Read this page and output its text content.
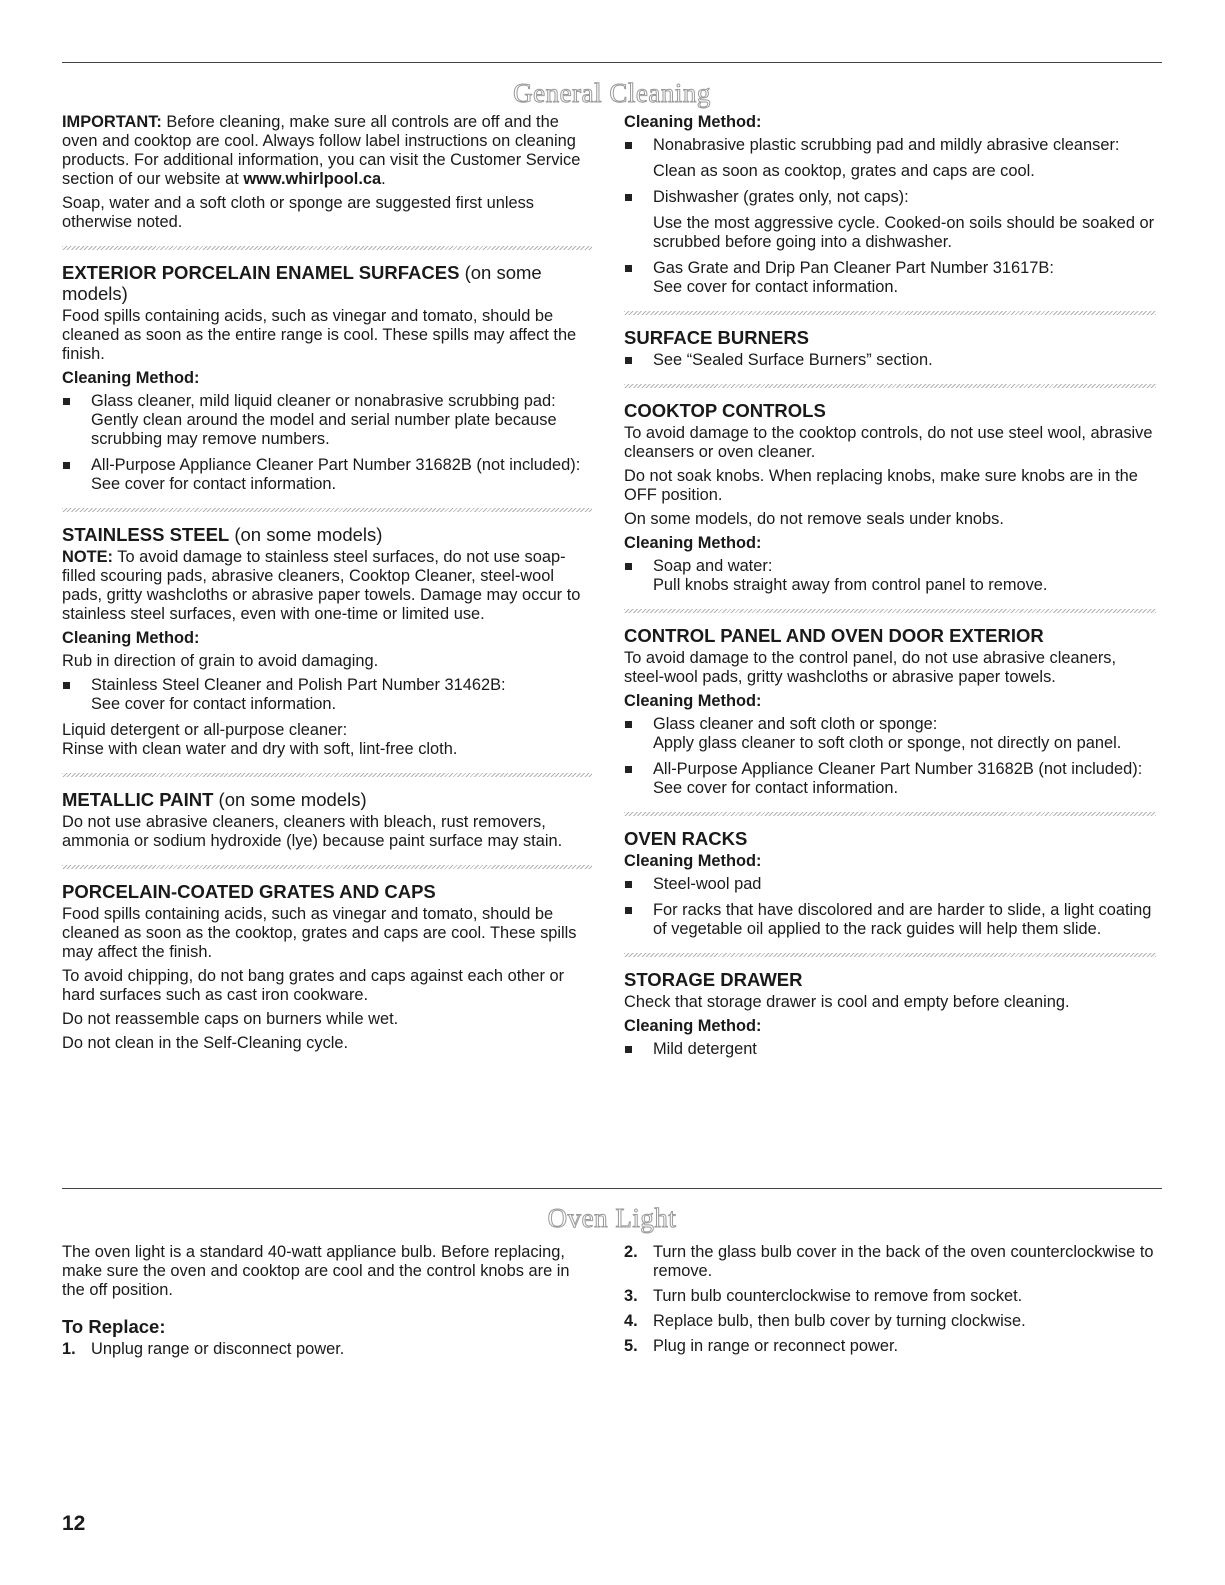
General Cleaning

IMPORTANT: Before cleaning, make sure all controls are off and the oven and cooktop are cool. Always follow label instructions on cleaning products. For additional information, you can visit the Customer Service section of our website at www.whirlpool.ca.

Soap, water and a soft cloth or sponge are suggested first unless otherwise noted.

EXTERIOR PORCELAIN ENAMEL SURFACES (on some models)

Food spills containing acids, such as vinegar and tomato, should be cleaned as soon as the entire range is cool. These spills may affect the finish.

Cleaning Method:
Glass cleaner, mild liquid cleaner or nonabrasive scrubbing pad:
Gently clean around the model and serial number plate because scrubbing may remove numbers.
All-Purpose Appliance Cleaner Part Number 31682B (not included):
See cover for contact information.
STAINLESS STEEL (on some models)

NOTE: To avoid damage to stainless steel surfaces, do not use soap-filled scouring pads, abrasive cleaners, Cooktop Cleaner, steel-wool pads, gritty washcloths or abrasive paper towels. Damage may occur to stainless steel surfaces, even with one-time or limited use.

Cleaning Method:

Rub in direction of grain to avoid damaging.

Stainless Steel Cleaner and Polish Part Number 31462B:
See cover for contact information.

Liquid detergent or all-purpose cleaner:
Rinse with clean water and dry with soft, lint-free cloth.

METALLIC PAINT (on some models)

Do not use abrasive cleaners, cleaners with bleach, rust removers, ammonia or sodium hydroxide (lye) because paint surface may stain.

PORCELAIN-COATED GRATES AND CAPS

Food spills containing acids, such as vinegar and tomato, should be cleaned as soon as the cooktop, grates and caps are cool. These spills may affect the finish.

To avoid chipping, do not bang grates and caps against each other or hard surfaces such as cast iron cookware.

Do not reassemble caps on burners while wet.

Do not clean in the Self-Cleaning cycle.

Cleaning Method:
Nonabrasive plastic scrubbing pad and mildly abrasive cleanser:
Clean as soon as cooktop, grates and caps are cool.
Dishwasher (grates only, not caps):
Use the most aggressive cycle. Cooked-on soils should be soaked or scrubbed before going into a dishwasher.
Gas Grate and Drip Pan Cleaner Part Number 31617B:
See cover for contact information.
SURFACE BURNERS
See “Sealed Surface Burners” section.
COOKTOP CONTROLS

To avoid damage to the cooktop controls, do not use steel wool, abrasive cleansers or oven cleaner.

Do not soak knobs. When replacing knobs, make sure knobs are in the OFF position.

On some models, do not remove seals under knobs.

Cleaning Method:
Soap and water:
Pull knobs straight away from control panel to remove.
CONTROL PANEL AND OVEN DOOR EXTERIOR

To avoid damage to the control panel, do not use abrasive cleaners, steel-wool pads, gritty washcloths or abrasive paper towels.

Cleaning Method:
Glass cleaner and soft cloth or sponge:
Apply glass cleaner to soft cloth or sponge, not directly on panel.
All-Purpose Appliance Cleaner Part Number 31682B (not included):
See cover for contact information.
OVEN RACKS
Cleaning Method:
Steel-wool pad
For racks that have discolored and are harder to slide, a light coating of vegetable oil applied to the rack guides will help them slide.
STORAGE DRAWER

Check that storage drawer is cool and empty before cleaning.

Cleaning Method:
Mild detergent
Oven Light

The oven light is a standard 40-watt appliance bulb. Before replacing, make sure the oven and cooktop are cool and the control knobs are in the off position.

To Replace:
1. Unplug range or disconnect power.
2. Turn the glass bulb cover in the back of the oven counterclockwise to remove.
3. Turn bulb counterclockwise to remove from socket.
4. Replace bulb, then bulb cover by turning clockwise.
5. Plug in range or reconnect power.
12
